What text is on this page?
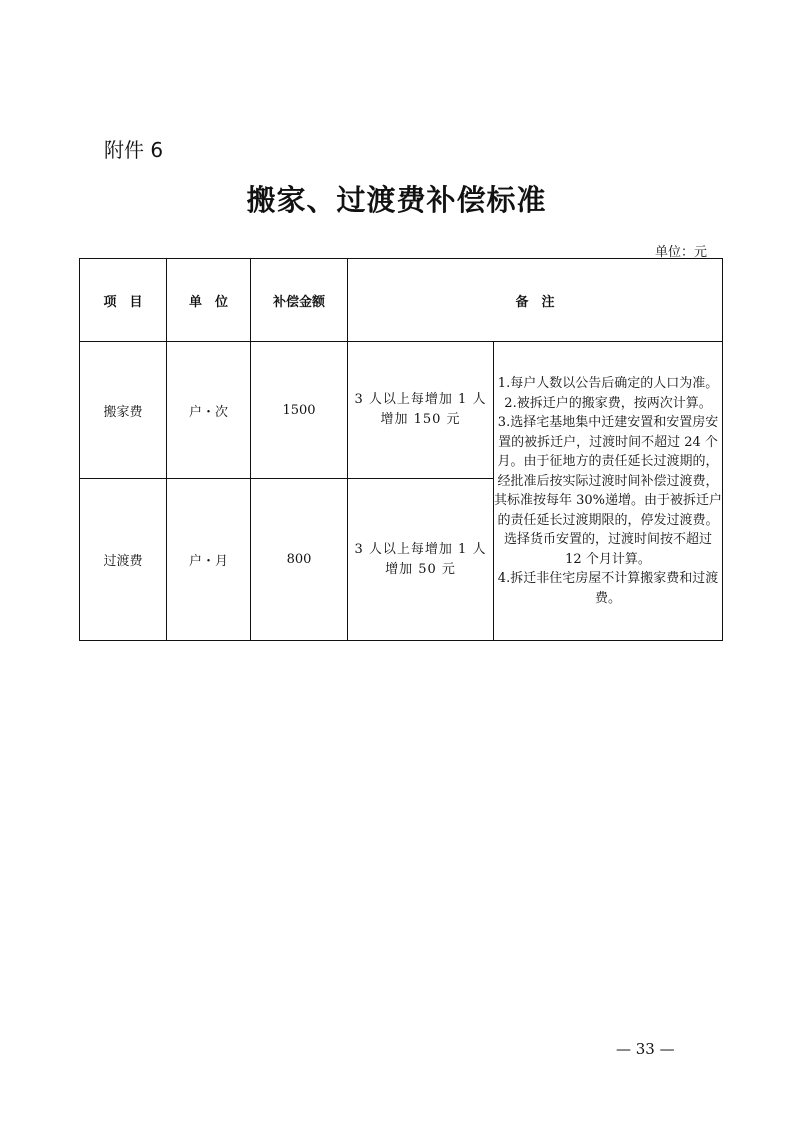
附件 6
搬家、过渡费补偿标准
单位：元
项　目	单　位	补偿金额	备　注	
搬家费	户・次	1500	3 人以上每增加 1 人增加 150 元	1.每户人数以公告后确定的人口为准。
2.被拆迁户的搬家费，按两次计算。
3.选择宅基地集中迁建安置和安置房安置的被拆迁户，过渡时间不超过 24 个月。由于征地方的责任延长过渡期的，经批准后按实际过渡时间补偿过渡费，其标准按每年 30%递增。由于被拆迁户的责任延长过渡期限的，停发过渡费。选择货币安置的，过渡时间按不超过 12 个月计算。
4.拆迁非住宅房屋不计算搬家费和过渡费。

过渡费	户・月	800	3 人以上每增加 1 人增加 50 元	
— 33 —
